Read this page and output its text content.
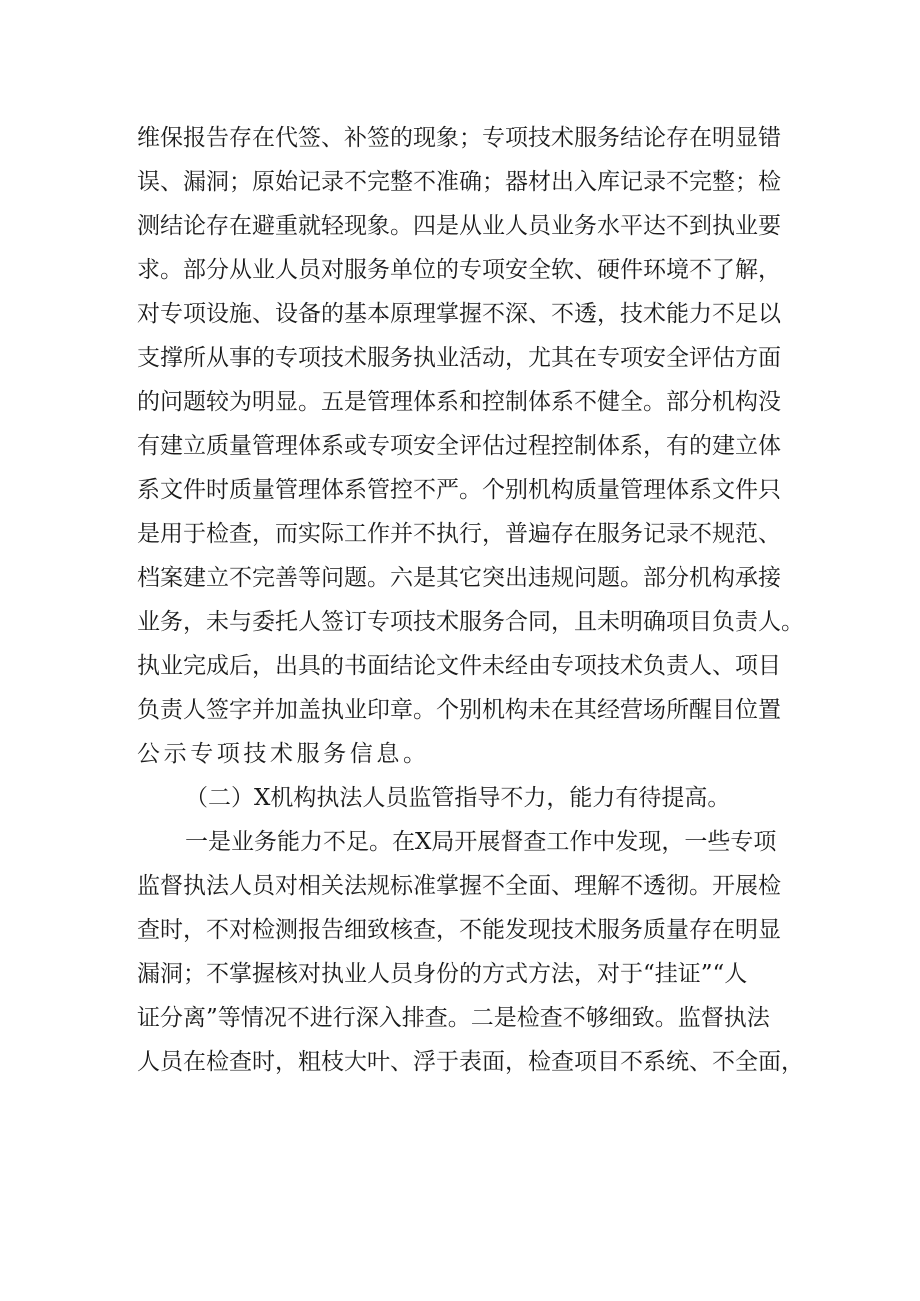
维保报告存在代签、补签的现象；专项技术服务结论存在明显错
误、漏洞；原始记录不完整不准确；器材出入库记录不完整；检
测结论存在避重就轻现象。四是从业人员业务水平达不到执业要
求。部分从业人员对服务单位的专项安全软、硬件环境不了解，
对专项设施、设备的基本原理掌握不深、不透，技术能力不足以
支撑所从事的专项技术服务执业活动，尤其在专项安全评估方面
的问题较为明显。五是管理体系和控制体系不健全。部分机构没
有建立质量管理体系或专项安全评估过程控制体系，有的建立体
系文件时质量管理体系管控不严。个别机构质量管理体系文件只
是用于检查，而实际工作并不执行，普遍存在服务记录不规范、
档案建立不完善等问题。六是其它突出违规问题。部分机构承接
业务，未与委托人签订专项技术服务合同，且未明确项目负责人。
执业完成后，出具的书面结论文件未经由专项技术负责人、项目
负责人签字并加盖执业印章。个别机构未在其经营场所醒目位置
公示专项技术服务信息。
（二）X机构执法人员监管指导不力，能力有待提高。
一是业务能力不足。在X局开展督查工作中发现，一些专项
监督执法人员对相关法规标准掌握不全面、理解不透彻。开展检
查时，不对检测报告细致核查，不能发现技术服务质量存在明显
漏洞；不掌握核对执业人员身份的方式方法，对于“挂证”“人
证分离”等情况不进行深入排查。二是检查不够细致。监督执法
人员在检查时，粗枝大叶、浮于表面，检查项目不系统、不全面，
